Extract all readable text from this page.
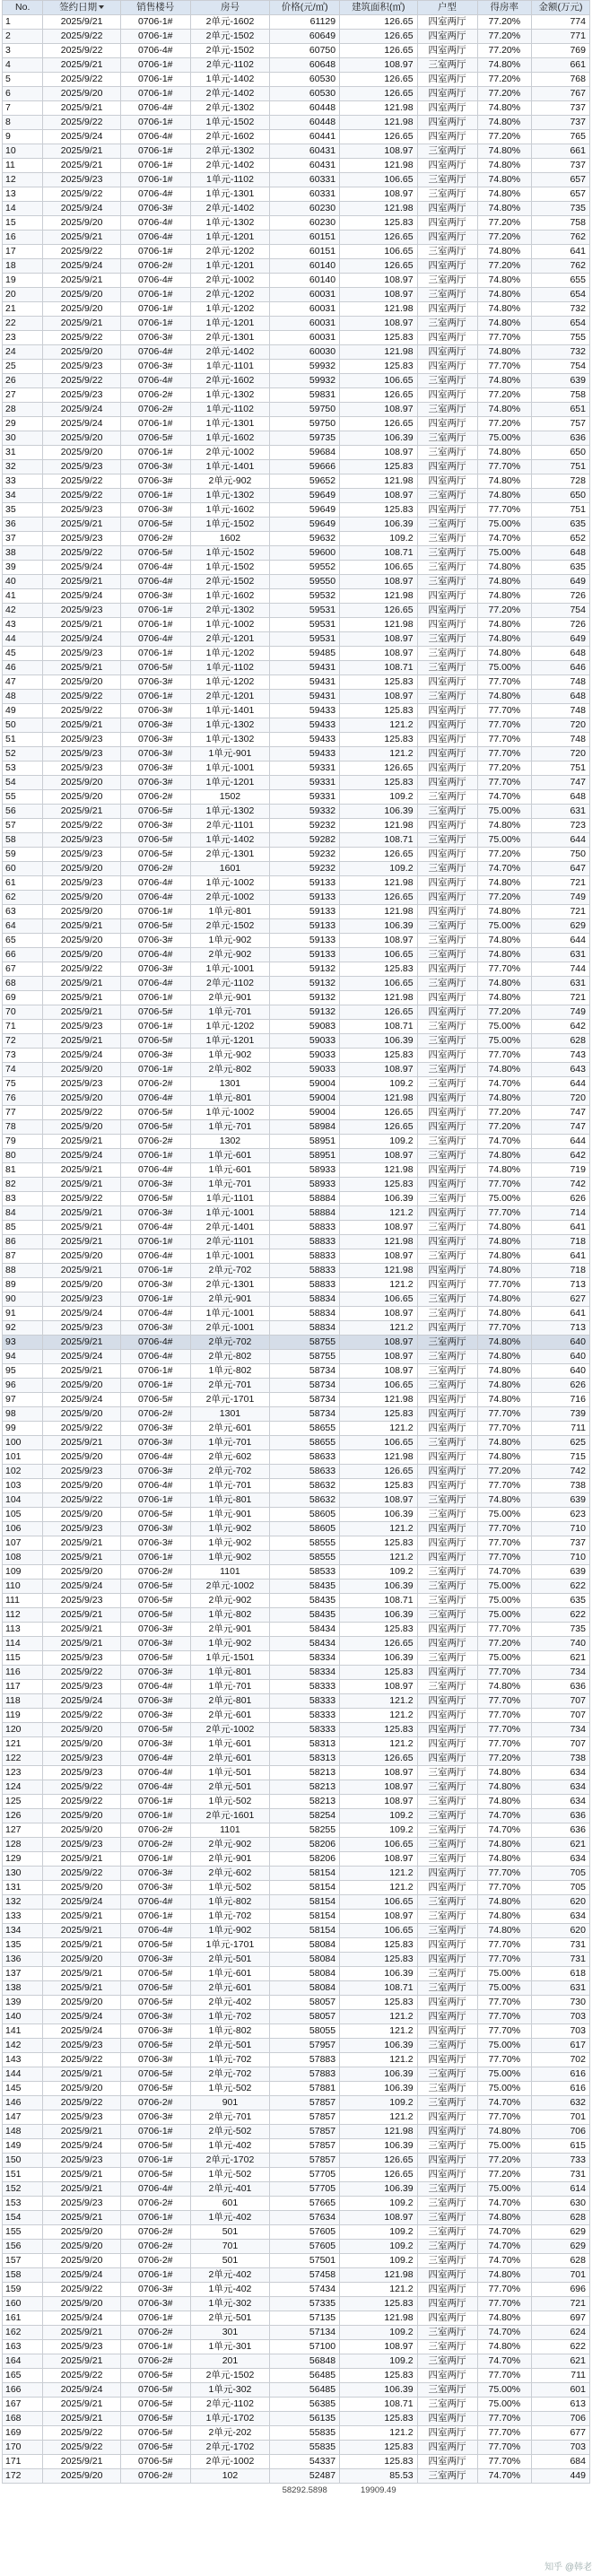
No.	签约日期	销售楼号	房号	价格(元/㎡)	建筑面积(㎡)	户型	得房率	金额(万元)
1	2025/9/21	0706-1#	2单元-1602	61129	126.65	四室两厅	77.20%	774
2	2025/9/22	0706-1#	2单元-1502	60649	126.65	四室两厅	77.20%	771
3	2025/9/22	0706-4#	2单元-1502	60750	126.65	四室两厅	77.20%	769
4	2025/9/21	0706-1#	2单元-1102	60648	108.97	三室两厅	74.80%	661
5	2025/9/22	0706-1#	1单元-1402	60530	126.65	四室两厅	77.20%	768
6	2025/9/20	0706-1#	2单元-1402	60530	126.65	四室两厅	77.20%	767
7	2025/9/21	0706-4#	2单元-1302	60448	121.98	四室两厅	74.80%	737
8	2025/9/22	0706-1#	1单元-1502	60448	121.98	四室两厅	74.80%	737
9	2025/9/24	0706-4#	2单元-1602	60441	126.65	四室两厅	77.20%	765
10	2025/9/21	0706-1#	2单元-1302	60431	108.97	三室两厅	74.80%	661
11	2025/9/21	0706-1#	2单元-1402	60431	121.98	四室两厅	74.80%	737
12	2025/9/23	0706-1#	1单元-1102	60331	106.65	三室两厅	74.80%	657
13	2025/9/22	0706-4#	1单元-1301	60331	108.97	三室两厅	74.80%	657
14	2025/9/24	0706-3#	2单元-1402	60230	121.98	四室两厅	74.80%	735
15	2025/9/20	0706-4#	1单元-1302	60230	125.83	四室两厅	77.20%	758
16	2025/9/21	0706-4#	1单元-1201	60151	126.65	四室两厅	77.20%	762
17	2025/9/22	0706-1#	2单元-1202	60151	106.65	三室两厅	74.80%	641
18	2025/9/24	0706-2#	1单元-1201	60140	126.65	四室两厅	77.20%	762
19	2025/9/21	0706-4#	2单元-1002	60140	108.97	三室两厅	74.80%	655
20	2025/9/20	0706-1#	2单元-1202	60031	108.97	三室两厅	74.80%	654
21	2025/9/20	0706-1#	1单元-1202	60031	121.98	四室两厅	74.80%	732
22	2025/9/21	0706-1#	1单元-1201	60031	108.97	三室两厅	74.80%	654
23	2025/9/22	0706-3#	2单元-1301	60031	125.83	四室两厅	77.70%	755
24	2025/9/20	0706-4#	2单元-1402	60030	121.98	四室两厅	74.80%	732
25	2025/9/23	0706-3#	1单元-1101	59932	125.83	四室两厅	77.70%	754
26	2025/9/22	0706-4#	2单元-1602	59932	106.65	三室两厅	74.80%	639
27	2025/9/23	0706-2#	1单元-1302	59831	126.65	四室两厅	77.20%	758
28	2025/9/24	0706-2#	1单元-1102	59750	108.97	三室两厅	74.80%	651
29	2025/9/24	0706-1#	1单元-1301	59750	126.65	四室两厅	77.20%	757
30	2025/9/20	0706-5#	1单元-1602	59735	106.39	三室两厅	75.00%	636
31	2025/9/20	0706-1#	2单元-1002	59684	108.97	三室两厅	74.80%	650
32	2025/9/23	0706-3#	1单元-1401	59666	125.83	四室两厅	77.70%	751
33	2025/9/22	0706-3#	2单元-902	59652	121.98	四室两厅	74.80%	728
34	2025/9/22	0706-1#	1单元-1302	59649	108.97	三室两厅	74.80%	650
35	2025/9/23	0706-3#	1单元-1602	59649	125.83	四室两厅	77.70%	751
36	2025/9/21	0706-5#	1单元-1502	59649	106.39	三室两厅	75.00%	635
37	2025/9/23	0706-2#	1602	59632	109.2	三室两厅	74.70%	652
38	2025/9/22	0706-5#	1单元-1502	59600	108.71	三室两厅	75.00%	648
39	2025/9/24	0706-4#	1单元-1502	59552	106.65	三室两厅	74.80%	635
40	2025/9/21	0706-4#	2单元-1502	59550	108.97	三室两厅	74.80%	649
41	2025/9/24	0706-3#	1单元-1602	59532	121.98	四室两厅	74.80%	726
42	2025/9/23	0706-1#	2单元-1302	59531	126.65	四室两厅	77.20%	754
43	2025/9/21	0706-1#	1单元-1002	59531	121.98	四室两厅	74.80%	726
44	2025/9/24	0706-4#	2单元-1201	59531	108.97	三室两厅	74.80%	649
45	2025/9/23	0706-1#	1单元-1202	59485	108.97	三室两厅	74.80%	648
46	2025/9/21	0706-5#	1单元-1102	59431	108.71	三室两厅	75.00%	646
47	2025/9/20	0706-3#	1单元-1202	59431	125.83	四室两厅	77.70%	748
48	2025/9/22	0706-1#	2单元-1201	59431	108.97	三室两厅	74.80%	648
49	2025/9/22	0706-3#	1单元-1401	59433	125.83	四室两厅	77.70%	748
50	2025/9/21	0706-3#	1单元-1302	59433	121.2	四室两厅	77.70%	720
51	2025/9/23	0706-3#	1单元-1302	59433	125.83	四室两厅	77.70%	748
52	2025/9/23	0706-3#	1单元-901	59433	121.2	四室两厅	77.70%	720
53	2025/9/23	0706-3#	1单元-1001	59331	126.65	四室两厅	77.20%	751
54	2025/9/20	0706-3#	1单元-1201	59331	125.83	四室两厅	77.70%	747
55	2025/9/20	0706-2#	1502	59331	109.2	三室两厅	74.70%	648
56	2025/9/21	0706-5#	1单元-1302	59332	106.39	三室两厅	75.00%	631
57	2025/9/22	0706-3#	2单元-1101	59232	121.98	四室两厅	74.80%	723
58	2025/9/23	0706-5#	1单元-1402	59282	108.71	三室两厅	75.00%	644
59	2025/9/23	0706-5#	2单元-1301	59232	126.65	四室两厅	77.20%	750
60	2025/9/20	0706-2#	1601	59232	109.2	三室两厅	74.70%	647
61	2025/9/23	0706-4#	1单元-1002	59133	121.98	四室两厅	74.80%	721
62	2025/9/20	0706-4#	2单元-1002	59133	126.65	四室两厅	77.20%	749
63	2025/9/20	0706-1#	1单元-801	59133	121.98	四室两厅	74.80%	721
64	2025/9/21	0706-5#	2单元-1502	59133	106.39	三室两厅	75.00%	629
65	2025/9/20	0706-3#	1单元-902	59133	108.97	三室两厅	74.80%	644
66	2025/9/20	0706-4#	2单元-902	59133	106.65	三室两厅	74.80%	631
67	2025/9/22	0706-3#	1单元-1001	59132	125.83	四室两厅	77.70%	744
68	2025/9/21	0706-4#	2单元-1102	59132	106.65	三室两厅	74.80%	631
69	2025/9/21	0706-1#	2单元-901	59132	121.98	四室两厅	74.80%	721
70	2025/9/21	0706-5#	1单元-701	59132	126.65	四室两厅	77.20%	749
71	2025/9/23	0706-1#	1单元-1202	59083	108.71	三室两厅	75.00%	642
72	2025/9/21	0706-5#	1单元-1201	59033	106.39	三室两厅	75.00%	628
73	2025/9/24	0706-3#	1单元-902	59033	125.83	四室两厅	77.70%	743
74	2025/9/20	0706-1#	2单元-802	59033	108.97	三室两厅	74.80%	643
75	2025/9/23	0706-2#	1301	59004	109.2	三室两厅	74.70%	644
76	2025/9/20	0706-4#	1单元-801	59004	121.98	四室两厅	74.80%	720
77	2025/9/22	0706-5#	1单元-1002	59004	126.65	四室两厅	77.20%	747
78	2025/9/20	0706-5#	1单元-701	58984	126.65	四室两厅	77.20%	747
79	2025/9/21	0706-2#	1302	58951	109.2	三室两厅	74.70%	644
80	2025/9/24	0706-1#	1单元-601	58951	108.97	三室两厅	74.80%	642
81	2025/9/21	0706-4#	1单元-601	58933	121.98	四室两厅	74.80%	719
82	2025/9/21	0706-3#	1单元-701	58933	125.83	四室两厅	77.70%	742
83	2025/9/22	0706-5#	1单元-1101	58884	106.39	三室两厅	75.00%	626
84	2025/9/21	0706-3#	1单元-1001	58884	121.2	四室两厅	77.70%	714
85	2025/9/21	0706-4#	2单元-1401	58833	108.97	三室两厅	74.80%	641
86	2025/9/21	0706-1#	2单元-1101	58833	121.98	四室两厅	74.80%	718
87	2025/9/20	0706-4#	1单元-1001	58833	108.97	三室两厅	74.80%	641
88	2025/9/21	0706-1#	2单元-702	58833	121.98	四室两厅	74.80%	718
89	2025/9/20	0706-3#	2单元-1301	58833	121.2	四室两厅	77.70%	713
90	2025/9/23	0706-1#	2单元-901	58834	106.65	三室两厅	74.80%	627
91	2025/9/24	0706-4#	1单元-1001	58834	108.97	三室两厅	74.80%	641
92	2025/9/23	0706-3#	2单元-1001	58834	121.2	四室两厅	77.70%	713
93	2025/9/21	0706-4#	2单元-702	58755	108.97	三室两厅	74.80%	640
94	2025/9/24	0706-4#	2单元-802	58755	108.97	三室两厅	74.80%	640
95	2025/9/21	0706-1#	1单元-802	58734	108.97	三室两厅	74.80%	640
96	2025/9/20	0706-1#	2单元-701	58734	106.65	三室两厅	74.80%	626
97	2025/9/24	0706-5#	2单元-1701	58734	121.98	四室两厅	74.80%	716
98	2025/9/20	0706-2#	1301	58734	125.83	四室两厅	77.70%	739
99	2025/9/22	0706-3#	2单元-601	58655	121.2	四室两厅	77.70%	711
100	2025/9/21	0706-3#	1单元-701	58655	106.65	三室两厅	74.80%	625
101	2025/9/20	0706-4#	2单元-602	58633	121.98	四室两厅	74.80%	715
102	2025/9/23	0706-3#	2单元-702	58633	126.65	四室两厅	77.20%	742
103	2025/9/20	0706-4#	1单元-701	58632	125.83	四室两厅	77.70%	738
104	2025/9/22	0706-1#	1单元-801	58632	108.97	三室两厅	74.80%	639
105	2025/9/20	0706-5#	1单元-901	58605	106.39	三室两厅	75.00%	623
106	2025/9/23	0706-3#	1单元-902	58605	121.2	四室两厅	77.70%	710
107	2025/9/21	0706-3#	1单元-902	58555	125.83	四室两厅	77.70%	737
108	2025/9/21	0706-1#	1单元-902	58555	121.2	四室两厅	77.70%	710
109	2025/9/20	0706-2#	1101	58533	109.2	三室两厅	74.70%	639
110	2025/9/24	0706-5#	2单元-1002	58435	106.39	三室两厅	75.00%	622
111	2025/9/23	0706-5#	2单元-902	58435	108.71	三室两厅	75.00%	635
112	2025/9/21	0706-5#	1单元-802	58435	106.39	三室两厅	75.00%	622
113	2025/9/21	0706-3#	2单元-901	58434	125.83	四室两厅	77.70%	735
114	2025/9/21	0706-3#	1单元-902	58434	126.65	四室两厅	77.20%	740
115	2025/9/23	0706-5#	1单元-1501	58334	106.39	三室两厅	75.00%	621
116	2025/9/22	0706-3#	1单元-801	58334	125.83	四室两厅	77.70%	734
117	2025/9/23	0706-4#	1单元-701	58333	108.97	三室两厅	74.80%	636
118	2025/9/24	0706-3#	2单元-801	58333	121.2	四室两厅	77.70%	707
119	2025/9/22	0706-3#	2单元-601	58333	121.2	四室两厅	77.70%	707
120	2025/9/20	0706-5#	2单元-1002	58333	125.83	四室两厅	77.70%	734
121	2025/9/20	0706-3#	1单元-601	58313	121.2	四室两厅	77.70%	707
122	2025/9/23	0706-4#	2单元-601	58313	126.65	四室两厅	77.20%	738
123	2025/9/23	0706-4#	1单元-501	58213	108.97	三室两厅	74.80%	634
124	2025/9/22	0706-4#	2单元-501	58213	108.97	三室两厅	74.80%	634
125	2025/9/22	0706-1#	1单元-502	58213	108.97	三室两厅	74.80%	634
126	2025/9/20	0706-1#	2单元-1601	58254	109.2	三室两厅	74.70%	636
127	2025/9/20	0706-2#	1101	58255	109.2	三室两厅	74.70%	636
128	2025/9/23	0706-2#	2单元-902	58206	106.65	三室两厅	74.80%	621
129	2025/9/21	0706-1#	2单元-901	58206	108.97	三室两厅	74.80%	634
130	2025/9/22	0706-3#	2单元-602	58154	121.2	四室两厅	77.70%	705
131	2025/9/20	0706-3#	1单元-502	58154	121.2	四室两厅	77.70%	705
132	2025/9/24	0706-4#	1单元-802	58154	106.65	三室两厅	74.80%	620
133	2025/9/21	0706-1#	1单元-702	58154	108.97	三室两厅	74.80%	634
134	2025/9/21	0706-4#	1单元-902	58154	106.65	三室两厅	74.80%	620
135	2025/9/21	0706-5#	1单元-1701	58084	125.83	四室两厅	77.70%	731
136	2025/9/20	0706-3#	2单元-501	58084	125.83	四室两厅	77.70%	731
137	2025/9/21	0706-5#	1单元-601	58084	106.39	三室两厅	75.00%	618
138	2025/9/21	0706-5#	2单元-601	58084	108.71	三室两厅	75.00%	631
139	2025/9/20	0706-5#	2单元-402	58057	125.83	四室两厅	77.70%	730
140	2025/9/24	0706-3#	1单元-702	58057	121.2	四室两厅	77.70%	703
141	2025/9/24	0706-3#	1单元-802	58055	121.2	四室两厅	77.70%	703
142	2025/9/23	0706-5#	2单元-501	57957	106.39	三室两厅	75.00%	617
143	2025/9/22	0706-3#	1单元-702	57883	121.2	四室两厅	77.70%	702
144	2025/9/21	0706-5#	2单元-702	57883	106.39	三室两厅	75.00%	616
145	2025/9/20	0706-5#	1单元-502	57881	106.39	三室两厅	75.00%	616
146	2025/9/22	0706-2#	901	57857	109.2	三室两厅	74.70%	632
147	2025/9/23	0706-3#	2单元-701	57857	121.2	四室两厅	77.70%	701
148	2025/9/21	0706-1#	2单元-502	57857	121.98	四室两厅	74.80%	706
149	2025/9/24	0706-5#	1单元-402	57857	106.39	三室两厅	75.00%	615
150	2025/9/23	0706-1#	2单元-1702	57857	126.65	四室两厅	77.20%	733
151	2025/9/21	0706-5#	1单元-502	57705	126.65	四室两厅	77.20%	731
152	2025/9/21	0706-4#	2单元-401	57705	106.39	三室两厅	75.00%	614
153	2025/9/23	0706-2#	601	57665	109.2	三室两厅	74.70%	630
154	2025/9/21	0706-1#	1单元-402	57634	108.97	三室两厅	74.80%	628
155	2025/9/20	0706-2#	501	57605	109.2	三室两厅	74.70%	629
156	2025/9/20	0706-2#	701	57605	109.2	三室两厅	74.70%	629
157	2025/9/20	0706-2#	501	57501	109.2	三室两厅	74.70%	628
158	2025/9/24	0706-1#	2单元-402	57458	121.98	四室两厅	74.80%	701
159	2025/9/22	0706-3#	1单元-402	57434	121.2	四室两厅	77.70%	696
160	2025/9/20	0706-3#	1单元-302	57335	125.83	四室两厅	77.70%	721
161	2025/9/24	0706-1#	2单元-501	57135	121.98	四室两厅	74.80%	697
162	2025/9/21	0706-2#	301	57134	109.2	三室两厅	74.70%	624
163	2025/9/23	0706-1#	1单元-301	57100	108.97	三室两厅	74.80%	622
164	2025/9/21	0706-2#	201	56848	109.2	三室两厅	74.70%	621
165	2025/9/22	0706-5#	2单元-1502	56485	125.83	四室两厅	77.70%	711
166	2025/9/24	0706-5#	1单元-302	56485	106.39	三室两厅	75.00%	601
167	2025/9/21	0706-5#	2单元-1102	56385	108.71	三室两厅	75.00%	613
168	2025/9/21	0706-5#	1单元-1702	56135	125.83	四室两厅	77.70%	706
169	2025/9/22	0706-5#	2单元-202	55835	121.2	四室两厅	77.70%	677
170	2025/9/22	0706-5#	2单元-1702	55835	125.83	四室两厅	77.70%	703
171	2025/9/21	0706-5#	2单元-1002	54337	125.83	四室两厅	77.70%	684
172	2025/9/20	0706-2#	102	52487	85.53	三室两厅	74.70%	449
				58292.5898	19909.49			
知乎 @韩老
